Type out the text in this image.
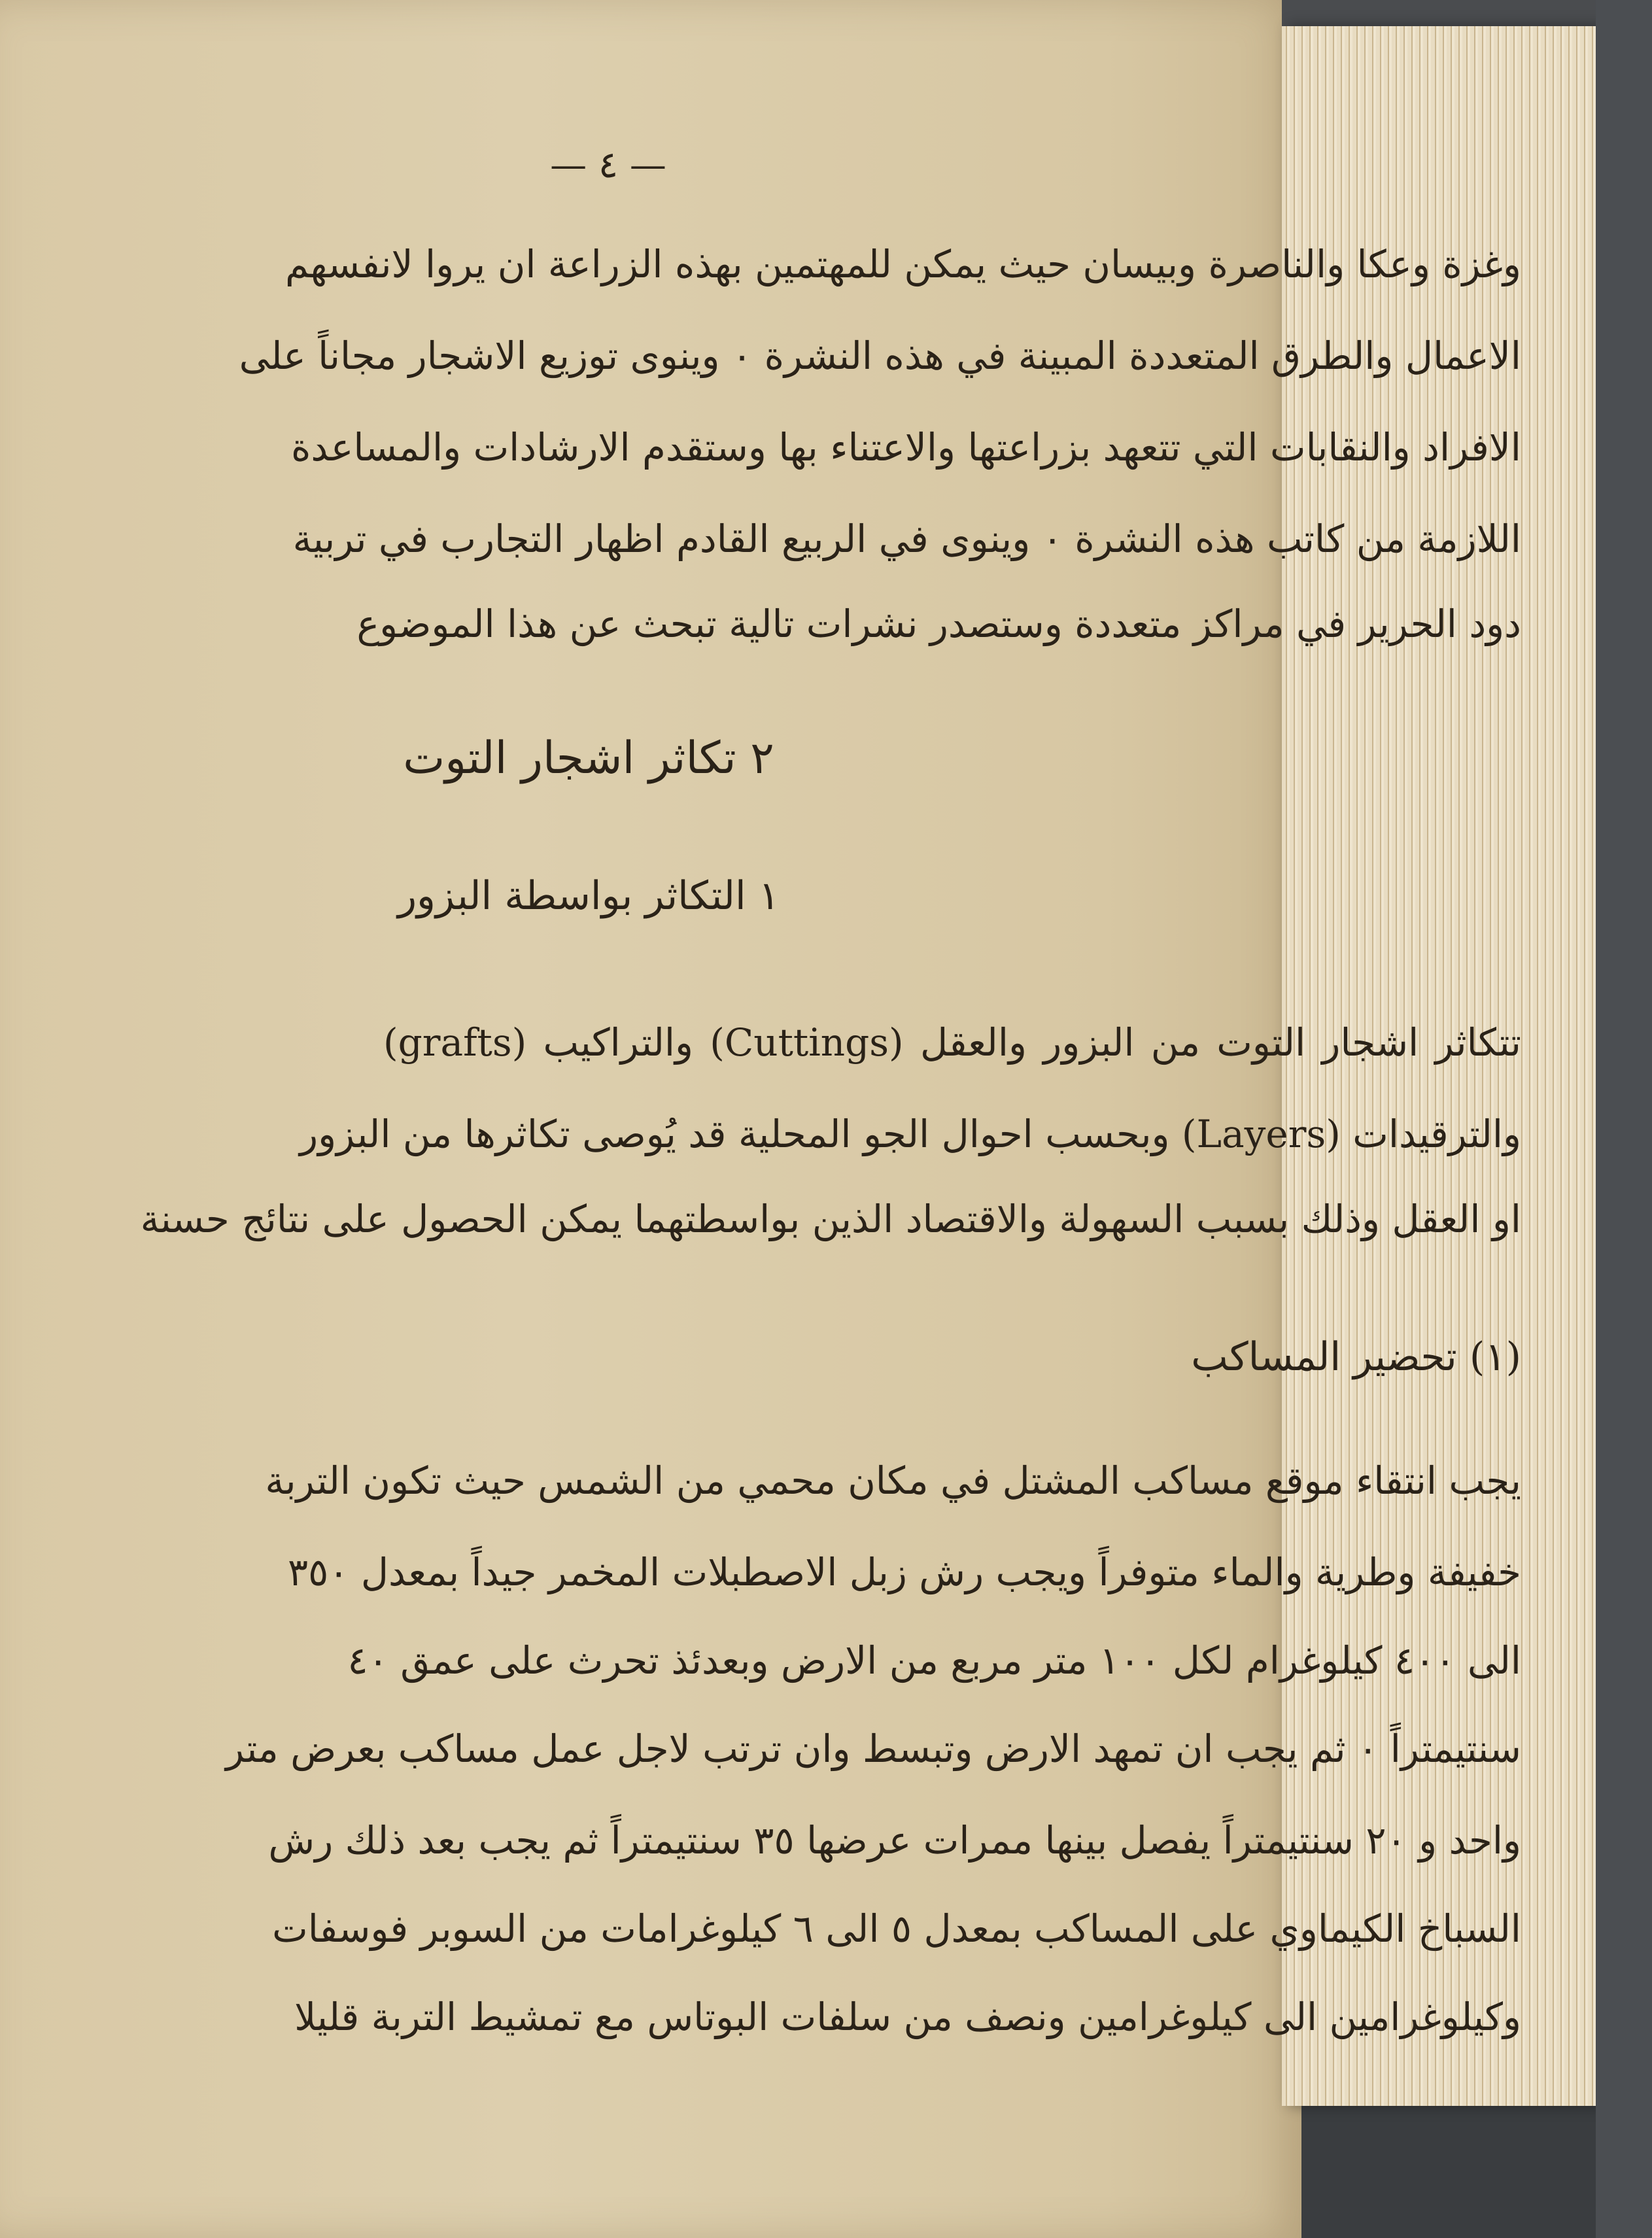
— ٤ —
وغزة وعكا والناصرة وبيسان حيث يمكن للمهتمين بهذه الزراعة ان يروا لانفسهم
الاعمال والطرق المتعددة المبينة في هذه النشرة ٠ وينوى توزيع الاشجار مجاناً على
الافراد والنقابات التي تتعهد بزراعتها والاعتناء بها وستقدم الارشادات والمساعدة
اللازمة من كاتب هذه النشرة ٠ وينوى في الربيع القادم اظهار التجارب في تربية
دود الحرير في مراكز متعددة وستصدر نشرات تالية تبحث عن هذا الموضوع
٢ تكاثر اشجار التوت
١ التكاثر بواسطة البزور
تتكاثر اشجار التوت من البزور والعقل (Cuttings) والتراكيب (grafts)
والترقيدات (Layers) وبحسب احوال الجو المحلية قد يُوصى تكاثرها من البزور
او العقل وذلك بسبب السهولة والاقتصاد الذين بواسطتهما يمكن الحصول على نتائج حسنة
(١) تحضير المساكب
يجب انتقاء موقع مساكب المشتل في مكان محمي من الشمس حيث تكون التربة
خفيفة وطرية والماء متوفراً ويجب رش زبل الاصطبلات المخمر جيداً بمعدل ٣٥٠
الى ٤٠٠ كيلوغرام لكل ١٠٠ متر مربع من الارض وبعدئذ تحرث على عمق ٤٠
سنتيمتراً ٠ ثم يجب ان تمهد الارض وتبسط وان ترتب لاجل عمل مساكب بعرض متر
واحد و ٢٠ سنتيمتراً يفصل بينها ممرات عرضها ٣٥ سنتيمتراً ثم يجب بعد ذلك رش
السباخ الكيماوي على المساكب بمعدل ٥ الى ٦ كيلوغرامات من السوبر فوسفات
وكيلوغرامين الى كيلوغرامين ونصف من سلفات البوتاس مع تمشيط التربة قليلا
